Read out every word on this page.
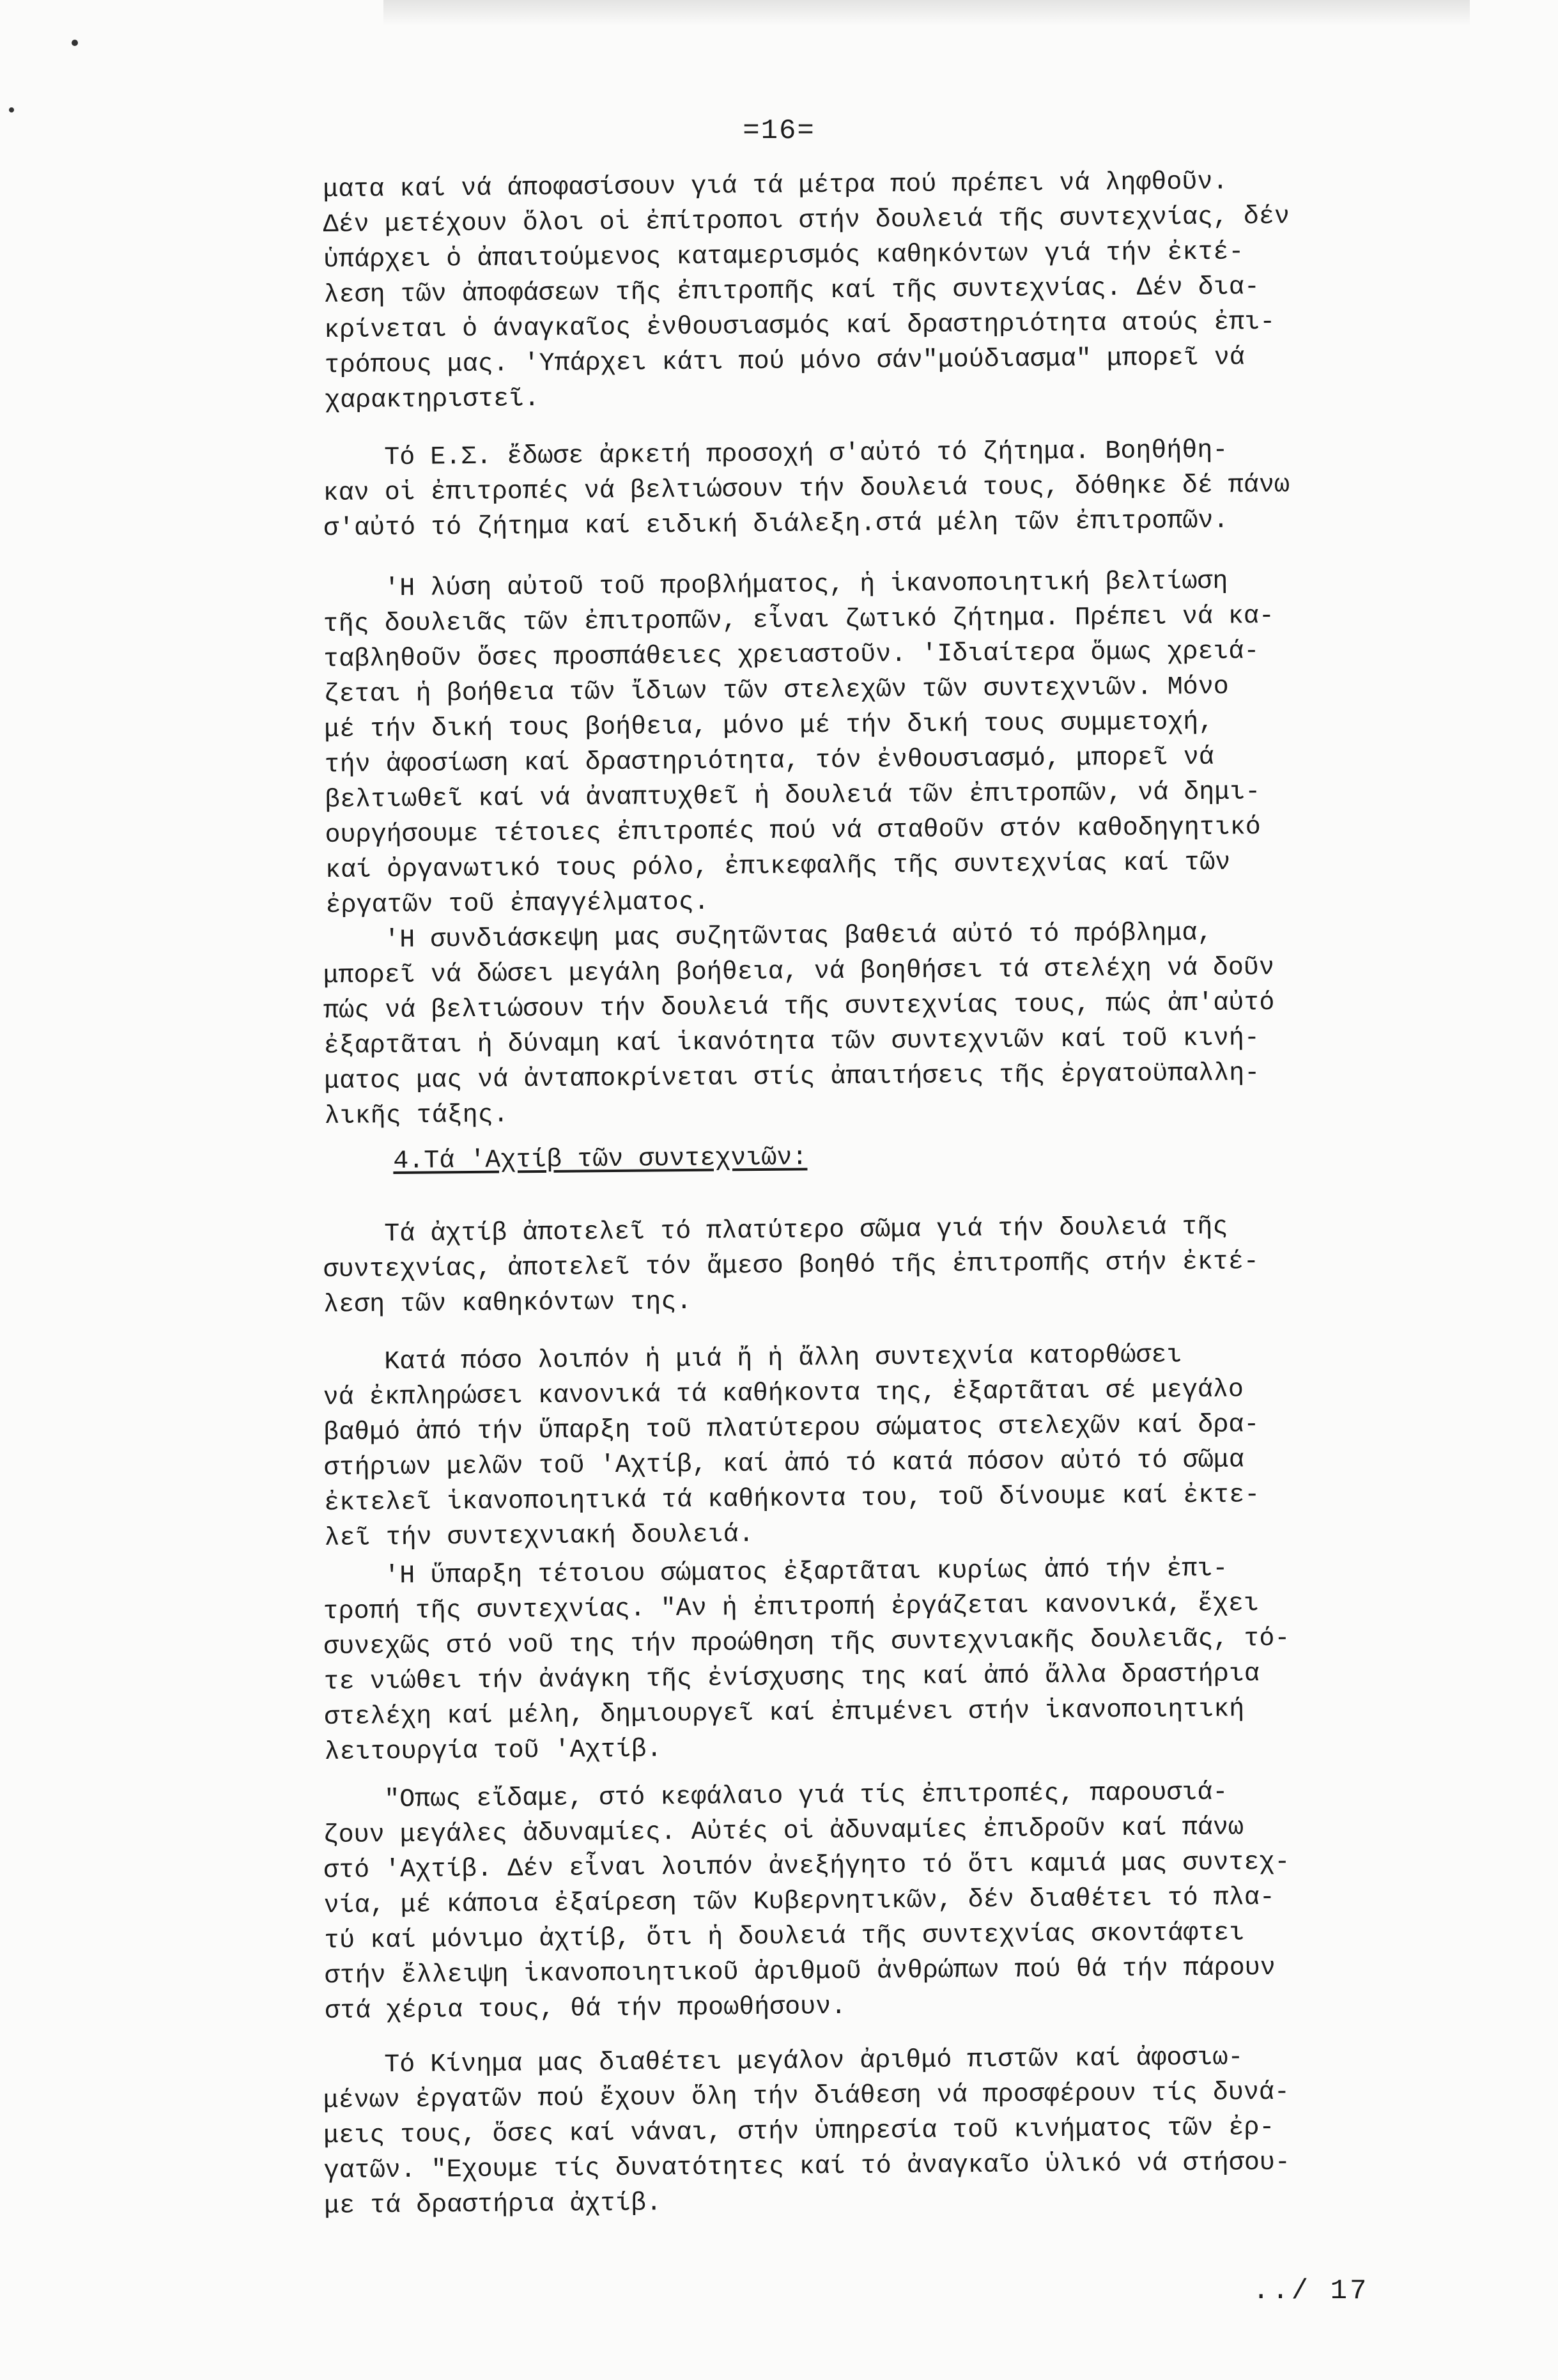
=16=

ματα καί νά άποφασίσουν γιά τά μέτρα πού πρέπει νά ληφθοῦν.

Δέν μετέχουν ὅλοι οἱ ἐπίτροποι στήν δουλειά τῆς συντεχνίας, δέν

ὑπάρχει ὁ ἀπαιτούμενος καταμερισμός καθηκόντων γιά τήν ἐκτέ-

λεση τῶν ἀποφάσεων τῆς ἐπιτροπῆς καί τῆς συντεχνίας. Δέν δια-

κρίνεται ὁ άναγκαῖος ἐνθουσιασμός καί δραστηριότητα ατούς ἐπι-

τρόπους μας. 'Υπάρχει κάτι πού μόνο σάν"μούδιασμα" μπορεῖ νά

χαρακτηριστεῖ.

Τό Ε.Σ. ἔδωσε ἀρκετή προσοχή σ'αὐτό τό ζήτημα. Βοηθήθη-

καν οἱ ἐπιτροπές νά βελτιώσουν τήν δουλειά τους, δόθηκε δέ πάνω

σ'αὐτό τό ζήτημα καί ειδική διάλεξη.στά μέλη τῶν ἐπιτροπῶν.

'Η λύση αὐτοῦ τοῦ προβλήματος, ἡ ἱκανοποιητική βελτίωση

τῆς δουλειᾶς τῶν ἐπιτροπῶν, εἶναι ζωτικό ζήτημα. Πρέπει νά κα-

ταβληθοῦν ὅσες προσπάθειες χρειαστοῦν. 'Ιδιαίτερα ὅμως χρειά-

ζεται ἡ βοήθεια τῶν ἴδιων τῶν στελεχῶν τῶν συντεχνιῶν. Μόνο

μέ τήν δική τους βοήθεια, μόνο μέ τήν δική τους συμμετοχή,

τήν ἀφοσίωση καί δραστηριότητα, τόν ἐνθουσιασμό, μπορεῖ νά

βελτιωθεῖ καί νά ἀναπτυχθεῖ ἡ δουλειά τῶν ἐπιτροπῶν, νά δημι-

ουργήσουμε τέτοιες ἐπιτροπές πού νά σταθοῦν στόν καθοδηγητικό

καί ὀργανωτικό τους ρόλο, ἐπικεφαλῆς τῆς συντεχνίας καί τῶν

ἐργατῶν τοῦ ἐπαγγέλματος.

'Η συνδιάσκεψη μας συζητῶντας βαθειά αὐτό τό πρόβλημα,

μπορεῖ νά δώσει μεγάλη βοήθεια, νά βοηθήσει τά στελέχη νά δοῦν

πώς νά βελτιώσουν τήν δουλειά τῆς συντεχνίας τους, πώς ἀπ'αὐτό

ἐξαρτᾶται ἡ δύναμη καί ἱκανότητα τῶν συντεχνιῶν καί τοῦ κινή-

ματος μας νά ἀνταποκρίνεται στίς ἀπαιτήσεις τῆς ἐργατοϋπαλλη-

λικῆς τάξης.

4.Τά 'Αχτίβ τῶν συντεχνιῶν:

Τά ἀχτίβ ἀποτελεῖ τό πλατύτερο σῶμα γιά τήν δουλειά τῆς

συντεχνίας, ἀποτελεῖ τόν ἄμεσο βοηθό τῆς ἐπιτροπῆς στήν ἐκτέ-

λεση τῶν καθηκόντων της.

Κατά πόσο λοιπόν ἡ μιά ἤ ἡ ἄλλη συντεχνία κατορθώσει

νά ἐκπληρώσει κανονικά τά καθήκοντα της, ἐξαρτᾶται σέ μεγάλο

βαθμό ἀπό τήν ὕπαρξη τοῦ πλατύτερου σώματος στελεχῶν καί δρα-

στήριων μελῶν τοῦ 'Αχτίβ, καί ἀπό τό κατά πόσον αὐτό τό σῶμα

ἐκτελεῖ ἱκανοποιητικά τά καθήκοντα του, τοῦ δίνουμε καί ἐκτε-

λεῖ τήν συντεχνιακή δουλειά.

'Η ὕπαρξη τέτοιου σώματος ἐξαρτᾶται κυρίως ἀπό τήν ἐπι-

τροπή τῆς συντεχνίας. "Αν ἡ ἐπιτροπή ἐργάζεται κανονικά, ἔχει

συνεχῶς στό νοῦ της τήν προώθηση τῆς συντεχνιακῆς δουλειᾶς, τό-

τε νιώθει τήν ἀνάγκη τῆς ἐνίσχυσης της καί ἀπό ἄλλα δραστήρια

στελέχη καί μέλη, δημιουργεῖ καί ἐπιμένει στήν ἱκανοποιητική

λειτουργία τοῦ 'Αχτίβ.

"Οπως εἴδαμε, στό κεφάλαιο γιά τίς ἐπιτροπές, παρουσιά-

ζουν μεγάλες ἀδυναμίες. Αὐτές οἱ ἀδυναμίες ἐπιδροῦν καί πάνω

στό 'Αχτίβ. Δέν εἶναι λοιπόν ἀνεξήγητο τό ὅτι καμιά μας συντεχ-

νία, μέ κάποια ἐξαίρεση τῶν Κυβερνητικῶν, δέν διαθέτει τό πλα-

τύ καί μόνιμο ἀχτίβ, ὅτι ἡ δουλειά τῆς συντεχνίας σκοντάφτει

στήν ἔλλειψη ἱκανοποιητικοῦ ἀριθμοῦ ἀνθρώπων πού θά τήν πάρουν

στά χέρια τους, θά τήν προωθήσουν.

Τό Κίνημα μας διαθέτει μεγάλον ἀριθμό πιστῶν καί ἀφοσιω-

μένων ἐργατῶν πού ἔχουν ὅλη τήν διάθεση νά προσφέρουν τίς δυνά-

μεις τους, ὅσες καί νάναι, στήν ὑπηρεσία τοῦ κινήματος τῶν ἐρ-

γατῶν. "Εχουμε τίς δυνατότητες καί τό ἀναγκαῖο ὑλικό νά στήσου-

με τά δραστήρια ἀχτίβ.

../ 17
